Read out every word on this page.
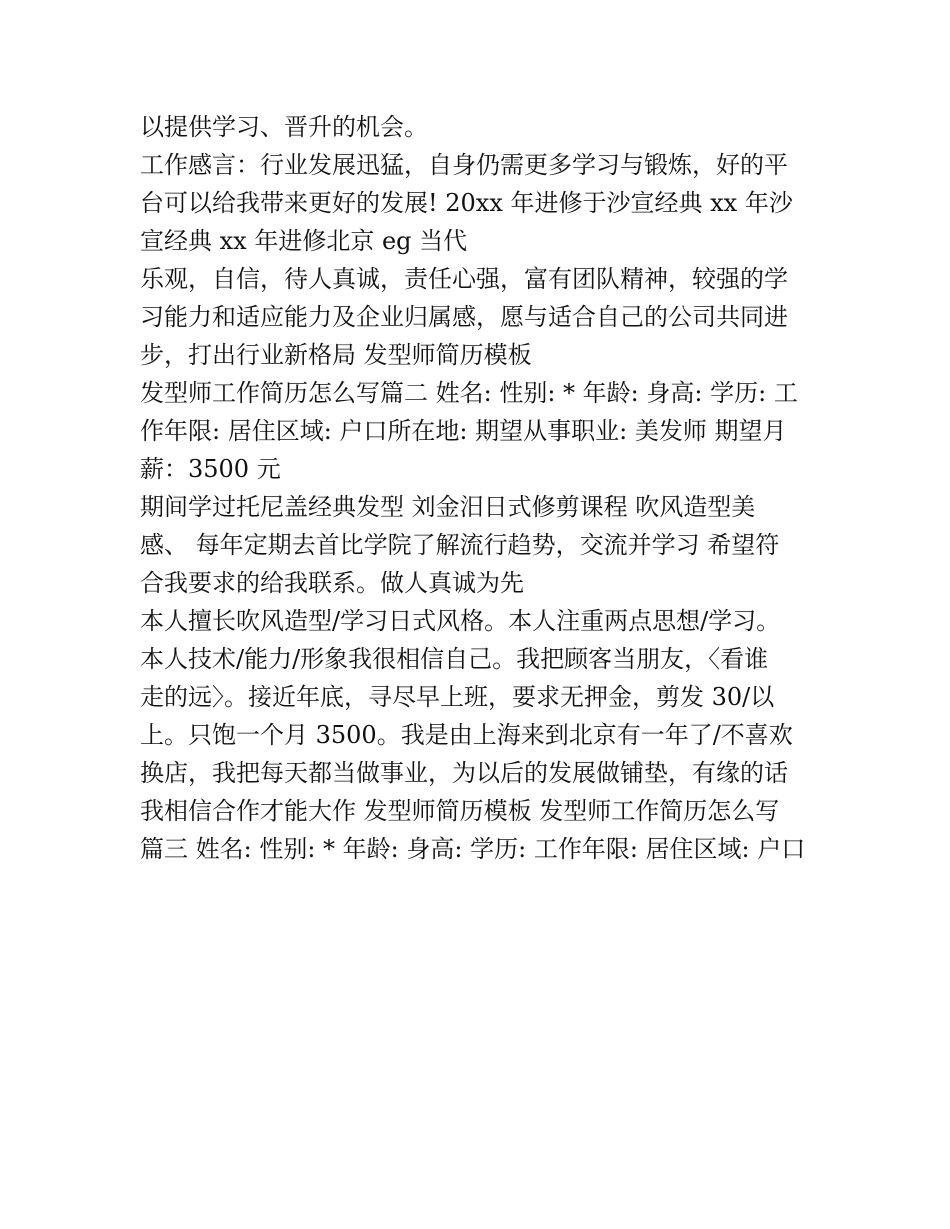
以提供学习、晋升的机会。

工作感言：行业发展迅猛，自身仍需更多学习与锻炼，好的平

台可以给我带来更好的发展! 20xx 年进修于沙宣经典 xx 年沙

宣经典 xx 年进修北京 eg 当代

乐观，自信，待人真诚，责任心强，富有团队精神，较强的学

习能力和适应能力及企业归属感，愿与适合自己的公司共同进

步，打出行业新格局 发型师简历模板

发型师工作简历怎么写篇二 姓名: 性别: * 年龄: 身高: 学历: 工

作年限: 居住区域: 户口所在地: 期望从事职业: 美发师 期望月

薪：3500 元

期间学过托尼盖经典发型 刘金汨日式修剪课程 吹风造型美

感、 每年定期去首比学院了解流行趋势，交流并学习 希望符

合我要求的给我联系。做人真诚为先

本人擅长吹风造型/学习日式风格。本人注重两点思想/学习。

本人技术/能力/形象我很相信自己。我把顾客当朋友，〈看谁

走的远〉。接近年底，寻尽早上班，要求无押金，剪发 30/以

上。只饱一个月 3500。我是由上海来到北京有一年了/不喜欢

换店，我把每天都当做事业，为以后的发展做铺垫，有缘的话

我相信合作才能大作 发型师简历模板 发型师工作简历怎么写

篇三 姓名: 性别: * 年龄: 身高: 学历: 工作年限: 居住区域: 户口
